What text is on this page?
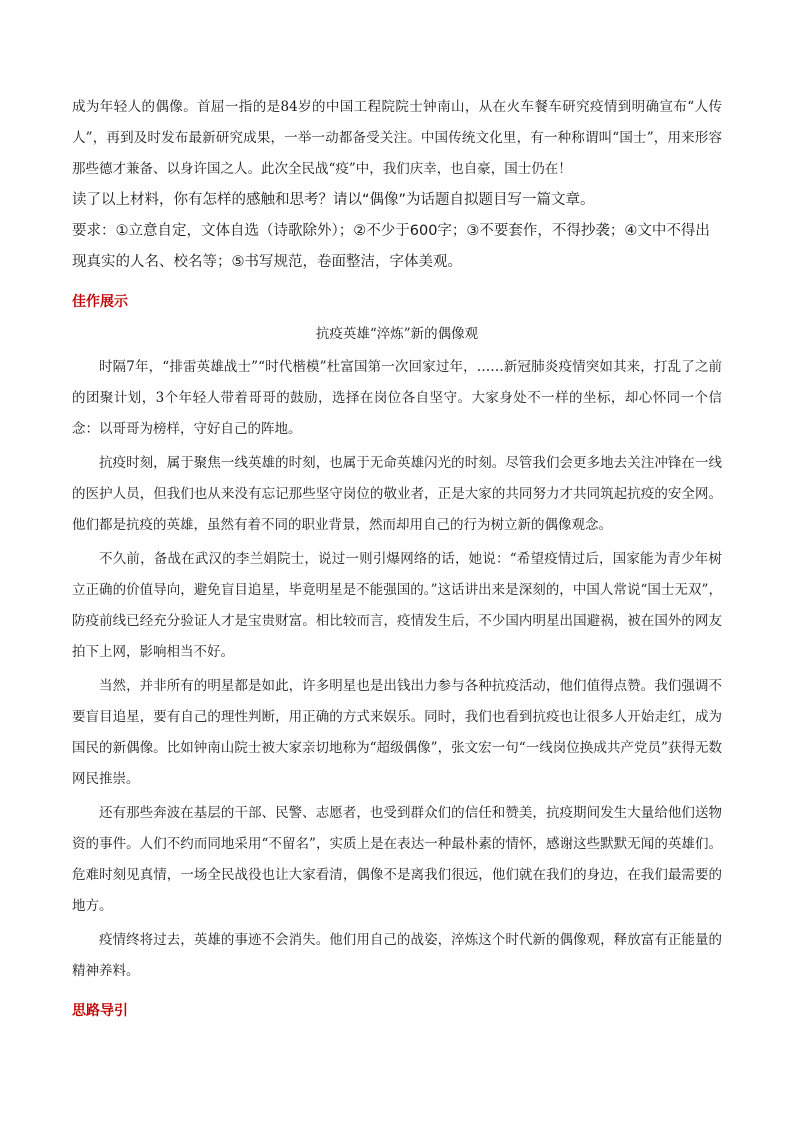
成为年轻人的偶像。首屈一指的是84岁的中国工程院院士钟南山，从在火车餐车研究疫情到明确宣布“人传人”，再到及时发布最新研究成果，一举一动都备受关注。中国传统文化里，有一种称谓叫“国士”，用来形容那些德才兼备、以身许国之人。此次全民战“疫”中，我们庆幸，也自豪，国士仍在！

读了以上材料，你有怎样的感触和思考？请以“偶像”为话题自拟题目写一篇文章。

要求：①立意自定，文体自选（诗歌除外）；②不少于600字；③不要套作，不得抄袭；④文中不得出现真实的人名、校名等；⑤书写规范，卷面整洁，字体美观。

佳作展示
抗疫英雄“淬炼”新的偶像观

时隔7年，“排雷英雄战士”“时代楷模”杜富国第一次回家过年，……新冠肺炎疫情突如其来，打乱了之前的团聚计划，3个年轻人带着哥哥的鼓励，选择在岗位各自坚守。大家身处不一样的坐标，却心怀同一个信念：以哥哥为榜样，守好自己的阵地。

抗疫时刻，属于聚焦一线英雄的时刻，也属于无命英雄闪光的时刻。尽管我们会更多地去关注冲锋在一线的医护人员，但我们也从来没有忘记那些坚守岗位的敬业者，正是大家的共同努力才共同筑起抗疫的安全网。他们都是抗疫的英雄，虽然有着不同的职业背景，然而却用自己的行为树立新的偶像观念。

不久前，备战在武汉的李兰娟院士，说过一则引爆网络的话，她说：“希望疫情过后，国家能为青少年树立正确的价值导向，避免盲目追星，毕竟明星是不能强国的。”这话讲出来是深刻的，中国人常说“国士无双”，防疫前线已经充分验证人才是宝贵财富。相比较而言，疫情发生后，不少国内明星出国避祸，被在国外的网友拍下上网，影响相当不好。

当然，并非所有的明星都是如此，许多明星也是出钱出力参与各种抗疫活动，他们值得点赞。我们强调不要盲目追星，要有自己的理性判断，用正确的方式来娱乐。同时，我们也看到抗疫也让很多人开始走红，成为国民的新偶像。比如钟南山院士被大家亲切地称为“超级偶像”，张文宏一句“一线岗位换成共产党员”获得无数网民推崇。

还有那些奔波在基层的干部、民警、志愿者，也受到群众们的信任和赞美，抗疫期间发生大量给他们送物资的事件。人们不约而同地采用“不留名”，实质上是在表达一种最朴素的情怀，感谢这些默默无闻的英雄们。危难时刻见真情，一场全民战役也让大家看清，偶像不是离我们很远，他们就在我们的身边，在我们最需要的地方。

疫情终将过去，英雄的事迹不会消失。他们用自己的战姿，淬炼这个时代新的偶像观，释放富有正能量的精神养料。

思路导引
